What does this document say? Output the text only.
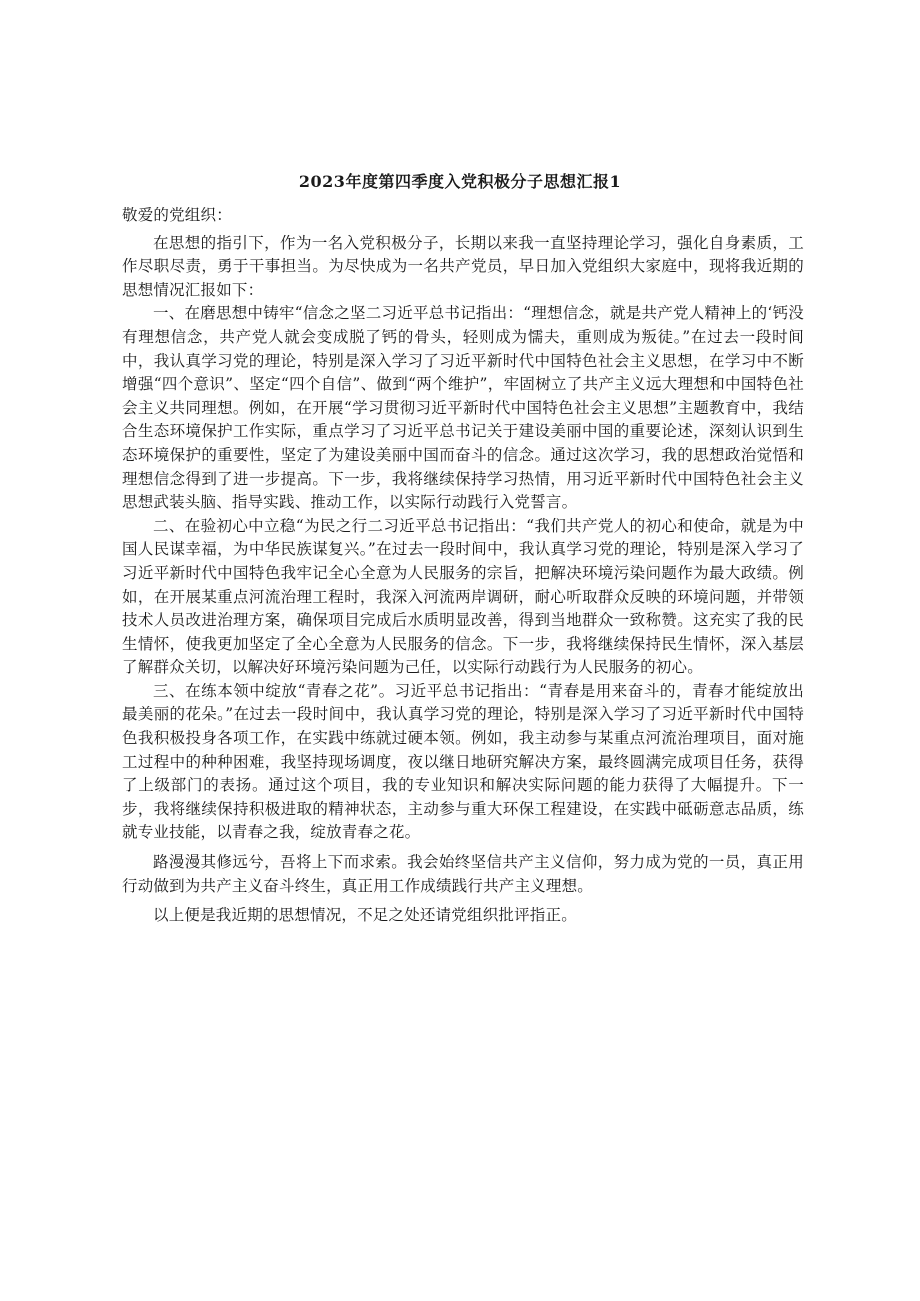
2023年度第四季度入党积极分子思想汇报1

敬爱的党组织：

在思想的指引下，作为一名入党积极分子，长期以来我一直坚持理论学习，强化自身素质，工作尽职尽责，勇于干事担当。为尽快成为一名共产党员，早日加入党组织大家庭中，现将我近期的思想情况汇报如下：

一、在磨思想中铸牢“信念之坚二习近平总书记指出：“理想信念，就是共产党人精神上的‘钙没有理想信念，共产党人就会变成脱了钙的骨头，轻则成为懦夫，重则成为叛徒。”在过去一段时间中，我认真学习党的理论，特别是深入学习了习近平新时代中国特色社会主义思想，在学习中不断增强“四个意识”、坚定“四个自信”、做到“两个维护”，牢固树立了共产主义远大理想和中国特色社会主义共同理想。例如，在开展“学习贯彻习近平新时代中国特色社会主义思想”主题教育中，我结合生态环境保护工作实际，重点学习了习近平总书记关于建设美丽中国的重要论述，深刻认识到生态环境保护的重要性，坚定了为建设美丽中国而奋斗的信念。通过这次学习，我的思想政治觉悟和理想信念得到了进一步提高。下一步，我将继续保持学习热情，用习近平新时代中国特色社会主义思想武装头脑、指导实践、推动工作，以实际行动践行入党誓言。

二、在验初心中立稳“为民之行二习近平总书记指出：“我们共产党人的初心和使命，就是为中国人民谋幸福，为中华民族谋复兴。”在过去一段时间中，我认真学习党的理论，特别是深入学习了习近平新时代中国特色我牢记全心全意为人民服务的宗旨，把解决环境污染问题作为最大政绩。例如，在开展某重点河流治理工程时，我深入河流两岸调研，耐心听取群众反映的环境问题，并带领技术人员改进治理方案，确保项目完成后水质明显改善，得到当地群众一致称赞。这充实了我的民生情怀，使我更加坚定了全心全意为人民服务的信念。下一步，我将继续保持民生情怀，深入基层了解群众关切，以解决好环境污染问题为己任，以实际行动践行为人民服务的初心。

三、在练本领中绽放“青春之花”。习近平总书记指出：“青春是用来奋斗的，青春才能绽放出最美丽的花朵。”在过去一段时间中，我认真学习党的理论，特别是深入学习了习近平新时代中国特色我积极投身各项工作，在实践中练就过硬本领。例如，我主动参与某重点河流治理项目，面对施工过程中的种种困难，我坚持现场调度，夜以继日地研究解决方案，最终圆满完成项目任务，获得了上级部门的表扬。通过这个项目，我的专业知识和解决实际问题的能力获得了大幅提升。下一步，我将继续保持积极进取的精神状态，主动参与重大环保工程建设，在实践中砥砺意志品质，练就专业技能，以青春之我，绽放青春之花。

路漫漫其修远兮，吾将上下而求索。我会始终坚信共产主义信仰，努力成为党的一员，真正用行动做到为共产主义奋斗终生，真正用工作成绩践行共产主义理想。

以上便是我近期的思想情况，不足之处还请党组织批评指正。
